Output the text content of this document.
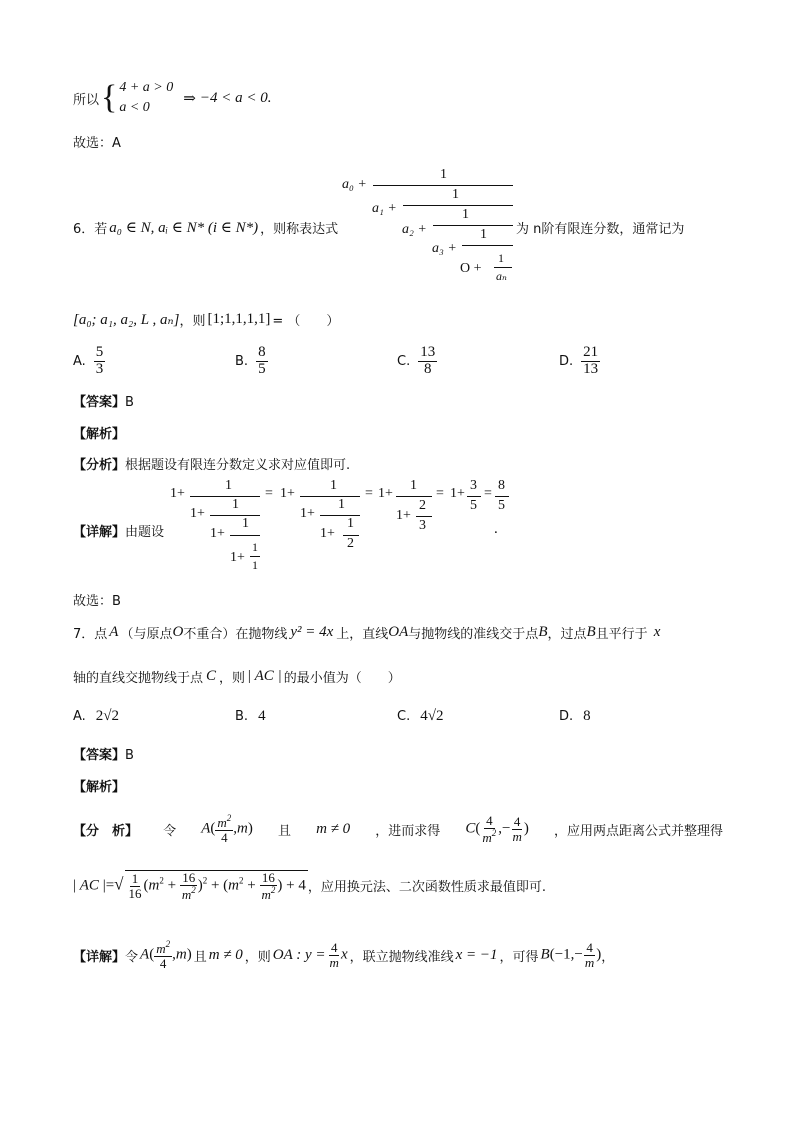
所以 { 4 + a > 0
a < 0
⇒ −4 < a < 0.
故选：A
6． 若 a₀ ∈ N, aᵢ ∈ N* (i ∈ N*) ，则称表达式
a₀ +
1
a₁ +
1
a₂ +
1
a₃ +
1
O +
1
aₙ
为 n阶有限连分数，通常记为
[a₀; a₁, a₂, L , aₙ] ，则 [1;1,1,1,1] = （　　）
A. $\frac{5}{3}$	B. $\frac{8}{5}$	C. $\frac{13}{8}$	D. $\frac{21}{13}$
【答案】B
【解析】
【分析】根据题设有限连分数定义求对应值即可.
【详解】由题设
1+
1
1+
1
1+
1
1+
1
1
= 1+
1
1+
1
1+
1
2
= 1+
1
1+
2
3
= 1+
3
5
=
8
5
.
故选：B
7． 点 A （与原点 O 不重合）在抛物线 y² = 4x 上，直线 OA 与抛物线的准线交于点 B ，过点 B 且平行于 x
轴的直线交抛物线于点 C ，则 | AC | 的最小值为（　　）
A. 2√2	B. 4	C. 4√2	D. 8
【答案】B
【解析】
【分　析】 令 $A( \frac{m^2}{4} ,m)$ 且 m ≠ 0 ，进而求得 $C( \frac{4}{m^2}$ ,− $\frac{4}{m}$ ) ，应用两点距离公式并整理得
| AC |=√ $\frac{1}{16} (m^2 + \frac{16}{m^2} )^2 + (m^2 + \frac{16}{m^2}$ ) + 4 ，应用换元法、二次函数性质求最值即可.
【详解】 令 $A( \frac{m^2}{4} ,m)$ 且 m ≠ 0 ，则 OA : $y = \frac{4}{m}$ x ，联立抛物线准线 x = −1 ，可得 $B(-1,- \frac{4}{m}$ ) ，
